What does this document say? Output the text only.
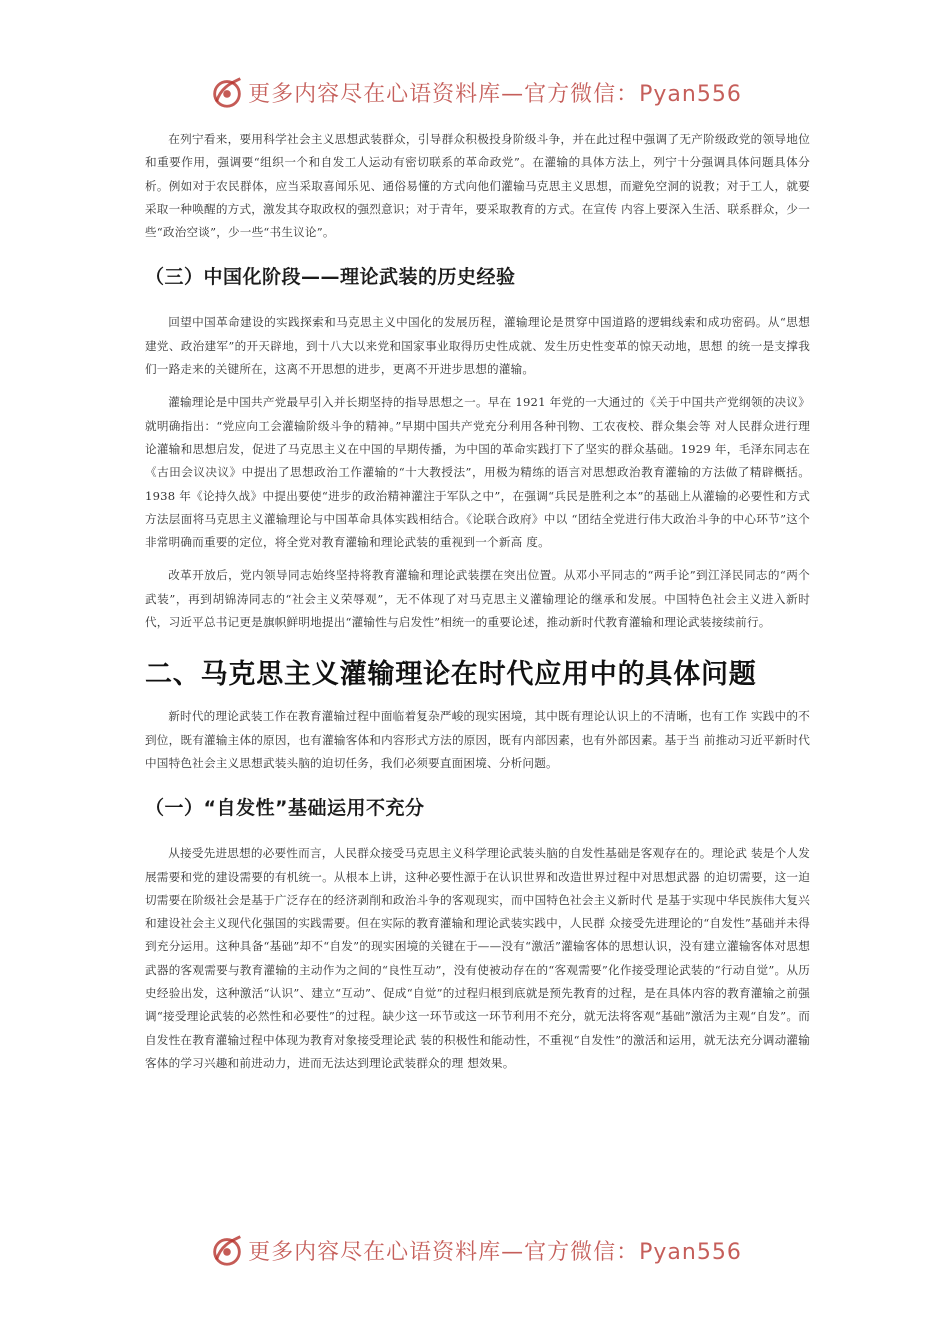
更多内容尽在心语资料库—官方微信：Pyan556

在列宁看来，要用科学社会主义思想武装群众，引导群众积极投身阶级斗争，并在此过程中强调了无产阶级政党的领导地位和重要作用，强调要“组织一个和自发工人运动有密切联系的革命政党”。在灌输的具体方法上，列宁十分强调具体问题具体分析。例如对于农民群体，应当采取喜闻乐见、通俗易懂的方式向他们灌输马克思主义思想，而避免空洞的说教；对于工人，就要采取一种唤醒的方式，激发其夺取政权的强烈意识；对于青年，要采取教育的方式。在宣传 内容上要深入生活、联系群众，少一些“政治空谈”，少一些“书生议论”。

（三）中国化阶段——理论武装的历史经验

回望中国革命建设的实践探索和马克思主义中国化的发展历程，灌输理论是贯穿中国道路的逻辑线索和成功密码。从“思想建党、政治建军”的开天辟地，到十八大以来党和国家事业取得历史性成就、发生历史性变革的惊天动地，思想 的统一是支撑我们一路走来的关键所在，这离不开思想的进步，更离不开进步思想的灌输。

灌输理论是中国共产党最早引入并长期坚持的指导思想之一。早在 1921 年党的一大通过的《关于中国共产党纲领的决议》就明确指出：“党应向工会灌输阶级斗争的精神。”早期中国共产党充分利用各种刊物、工农夜校、群众集会等 对人民群众进行理论灌输和思想启发，促进了马克思主义在中国的早期传播，为中国的革命实践打下了坚实的群众基础。1929 年，毛泽东同志在《古田会议决议》中提出了思想政治工作灌输的“十大教授法”，用极为精练的语言对思想政治教育灌输的方法做了精辟概括。1938 年《论持久战》中提出要使“进步的政治精神灌注于军队之中”，在强调“兵民是胜利之本”的基础上从灌输的必要性和方式方法层面将马克思主义灌输理论与中国革命具体实践相结合。《论联合政府》中以 “团结全党进行伟大政治斗争的中心环节”这个非常明确而重要的定位，将全党对教育灌输和理论武装的重视到一个新高 度。

改革开放后，党内领导同志始终坚持将教育灌输和理论武装摆在突出位置。从邓小平同志的“两手论”到江泽民同志的“两个武装”，再到胡锦涛同志的“社会主义荣辱观”，无不体现了对马克思主义灌输理论的继承和发展。中国特色社会主义进入新时代，习近平总书记更是旗帜鲜明地提出“灌输性与启发性”相统一的重要论述，推动新时代教育灌输和理论武装接续前行。

二、马克思主义灌输理论在时代应用中的具体问题

新时代的理论武装工作在教育灌输过程中面临着复杂严峻的现实困境，其中既有理论认识上的不清晰，也有工作 实践中的不到位，既有灌输主体的原因，也有灌输客体和内容形式方法的原因，既有内部因素，也有外部因素。基于当 前推动习近平新时代中国特色社会主义思想武装头脑的迫切任务，我们必须要直面困境、分析问题。

（一）“自发性”基础运用不充分

从接受先进思想的必要性而言，人民群众接受马克思主义科学理论武装头脑的自发性基础是客观存在的。理论武 装是个人发展需要和党的建设需要的有机统一。从根本上讲，这种必要性源于在认识世界和改造世界过程中对思想武器 的迫切需要，这一迫切需要在阶级社会是基于广泛存在的经济剥削和政治斗争的客观现实，而中国特色社会主义新时代 是基于实现中华民族伟大复兴和建设社会主义现代化强国的实践需要。但在实际的教育灌输和理论武装实践中，人民群 众接受先进理论的“自发性”基础并未得到充分运用。这种具备“基础”却不“自发”的现实困境的关键在于——没有“激活”灌输客体的思想认识，没有建立灌输客体对思想武器的客观需要与教育灌输的主动作为之间的“良性互动”，没有使被动存在的“客观需要”化作接受理论武装的“行动自觉”。从历史经验出发，这种激活“认识”、建立“互动”、促成“自觉”的过程归根到底就是预先教育的过程，是在具体内容的教育灌输之前强调“接受理论武装的必然性和必要性”的过程。缺少这一环节或这一环节利用不充分，就无法将客观“基础”激活为主观“自发”。而自发性在教育灌输过程中体现为教育对象接受理论武 装的积极性和能动性，不重视“自发性”的激活和运用，就无法充分调动灌输客体的学习兴趣和前进动力，进而无法达到理论武装群众的理 想效果。

更多内容尽在心语资料库—官方微信：Pyan556
